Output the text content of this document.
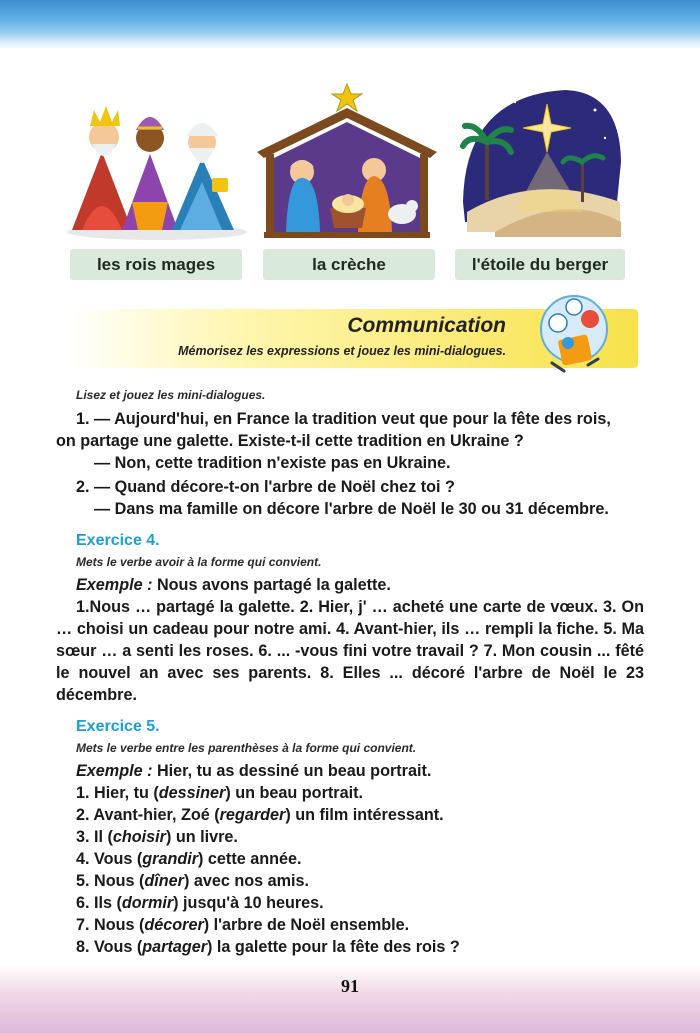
les rois mages	la crèche	l'étoile du berger
Communication
Mémorisez les expressions et jouez les mini-dialogues.
Lisez et jouez les mini-dialogues.
1. — Aujourd'hui, en France la tradition veut que pour la fête des rois,
on partage une galette. Existe-t-il cette tradition en Ukraine ?
— Non, cette tradition n'existe pas en Ukraine.
2. — Quand décore-t-on l'arbre de Noël chez toi ?
— Dans ma famille on décore l'arbre de Noël le 30 ou 31 décembre.
Exercice 4.
Mets le verbe avoir à la forme qui convient.
Exemple : Nous avons partagé la galette.
1.Nous … partagé la galette. 2. Hier, j' … acheté une carte de vœux. 3. On … choisi un cadeau pour notre ami. 4. Avant-hier, ils … rempli la fiche. 5. Ma sœur … a senti les roses. 6. ... -vous fini votre travail ? 7. Mon cousin ... fêté le nouvel an avec ses parents. 8. Elles ... décoré l'arbre de Noël le 23 décembre.
Exercice 5.
Mets le verbe entre les parenthèses à la forme qui convient.
Exemple : Hier, tu as dessiné un beau portrait.
1. Hier, tu (dessiner) un beau portrait.
2. Avant-hier, Zoé (regarder) un film intéressant.
3. Il (choisir) un livre.
4. Vous (grandir) cette année.
5. Nous (dîner) avec nos amis.
6. Ils (dormir) jusqu'à 10 heures.
7. Nous (décorer) l'arbre de Noël ensemble.
8. Vous (partager) la galette pour la fête des rois ?
91
